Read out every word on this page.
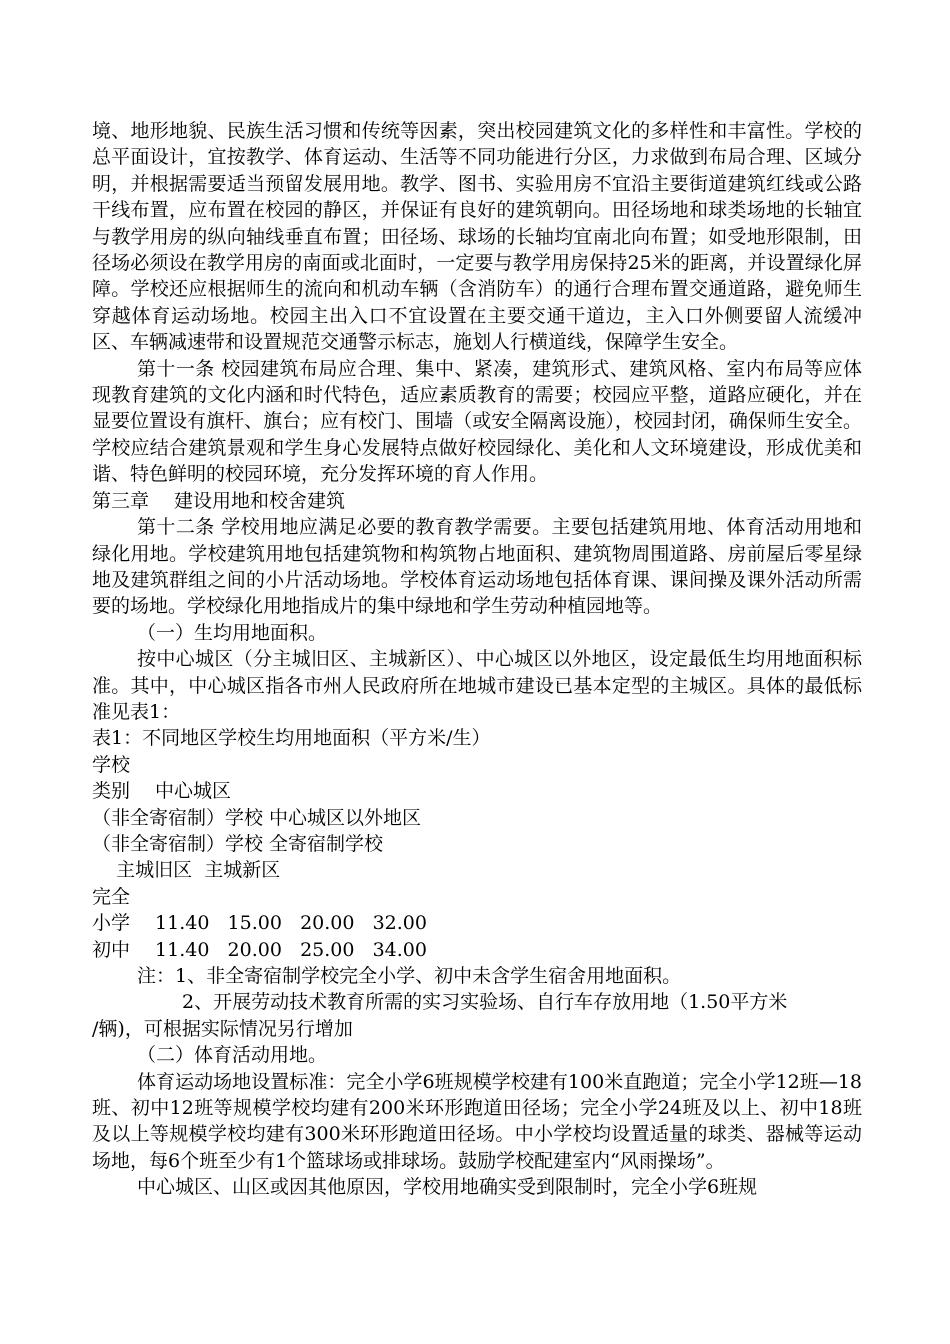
境、地形地貌、民族生活习惯和传统等因素，突出校园建筑文化的多样性和丰富性。学校的总平面设计，宜按教学、体育运动、生活等不同功能进行分区，力求做到布局合理、区域分明，并根据需要适当预留发展用地。教学、图书、实验用房不宜沿主要街道建筑红线或公路干线布置，应布置在校园的静区，并保证有良好的建筑朝向。田径场地和球类场地的长轴宜与教学用房的纵向轴线垂直布置；田径场、球场的长轴均宜南北向布置；如受地形限制，田径场必须设在教学用房的南面或北面时，一定要与教学用房保持25米的距离，并设置绿化屏障。学校还应根据师生的流向和机动车辆（含消防车）的通行合理布置交通道路，避免师生穿越体育运动场地。校园主出入口不宜设置在主要交通干道边，主入口外侧要留人流缓冲区、车辆减速带和设置规范交通警示标志，施划人行横道线，保障学生安全。

第十一条 校园建筑布局应合理、集中、紧凑，建筑形式、建筑风格、室内布局等应体现教育建筑的文化内涵和时代特色，适应素质教育的需要；校园应平整，道路应硬化，并在显要位置设有旗杆、旗台；应有校门、围墙（或安全隔离设施），校园封闭，确保师生安全。学校应结合建筑景观和学生身心发展特点做好校园绿化、美化和人文环境建设，形成优美和谐、特色鲜明的校园环境，充分发挥环境的育人作用。

第三章　 建设用地和校舍建筑

第十二条 学校用地应满足必要的教育教学需要。主要包括建筑用地、体育活动用地和绿化用地。学校建筑用地包括建筑物和构筑物占地面积、建筑物周围道路、房前屋后零星绿地及建筑群组之间的小片活动场地。学校体育运动场地包括体育课、课间操及课外活动所需要的场地。学校绿化用地指成片的集中绿地和学生劳动种植园地等。

（一）生均用地面积。

按中心城区（分主城旧区、主城新区）、中心城区以外地区，设定最低生均用地面积标准。其中，中心城区指各市州人民政府所在地城市建设已基本定型的主城区。具体的最低标准见表1：

表1：不同地区学校生均用地面积（平方米/生）

学校
类别　 中心城区
（非全寄宿制）学校 中心城区以外地区
（非全寄宿制）学校 全寄宿制学校
主城旧区  主城新区
完全
小学　 11.40   15.00   20.00   32.00
初中　 11.40   20.00   25.00   34.00

注：1、非全寄宿制学校完全小学、初中未含学生宿舍用地面积。

2、开展劳动技术教育所需的实习实验场、自行车存放用地（1.50平方米

/辆)，可根据实际情况另行增加

（二）体育活动用地。

体育运动场地设置标准：完全小学6班规模学校建有100米直跑道；完全小学12班—18班、初中12班等规模学校均建有200米环形跑道田径场；完全小学24班及以上、初中18班及以上等规模学校均建有300米环形跑道田径场。中小学校均设置适量的球类、器械等运动场地，每6个班至少有1个篮球场或排球场。鼓励学校配建室内“风雨操场”。

中心城区、山区或因其他原因，学校用地确实受到限制时，完全小学6班规
